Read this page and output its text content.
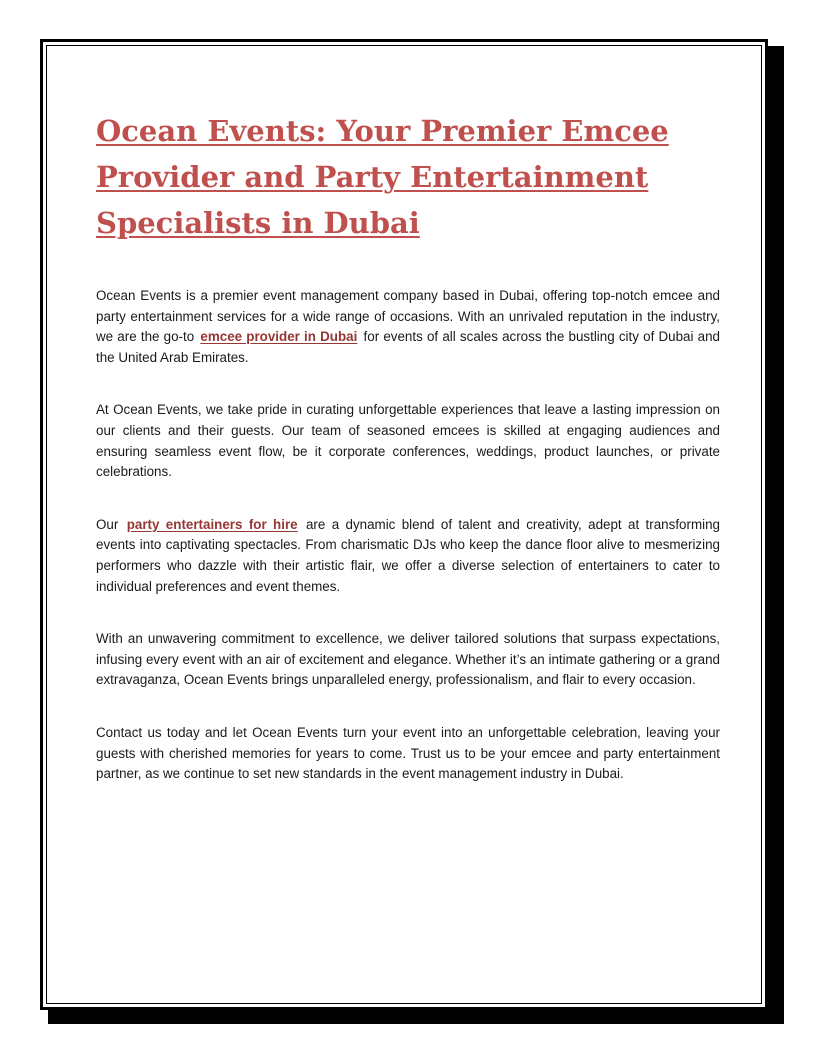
Ocean Events: Your Premier Emcee Provider and Party Entertainment Specialists in Dubai

Ocean Events is a premier event management company based in Dubai, offering top-notch emcee and party entertainment services for a wide range of occasions. With an unrivaled reputation in the industry, we are the go-to emcee provider in Dubai for events of all scales across the bustling city of Dubai and the United Arab Emirates.

At Ocean Events, we take pride in curating unforgettable experiences that leave a lasting impression on our clients and their guests. Our team of seasoned emcees is skilled at engaging audiences and ensuring seamless event flow, be it corporate conferences, weddings, product launches, or private celebrations.

Our party entertainers for hire are a dynamic blend of talent and creativity, adept at transforming events into captivating spectacles. From charismatic DJs who keep the dance floor alive to mesmerizing performers who dazzle with their artistic flair, we offer a diverse selection of entertainers to cater to individual preferences and event themes.

With an unwavering commitment to excellence, we deliver tailored solutions that surpass expectations, infusing every event with an air of excitement and elegance. Whether it’s an intimate gathering or a grand extravaganza, Ocean Events brings unparalleled energy, professionalism, and flair to every occasion.

Contact us today and let Ocean Events turn your event into an unforgettable celebration, leaving your guests with cherished memories for years to come. Trust us to be your emcee and party entertainment partner, as we continue to set new standards in the event management industry in Dubai.
